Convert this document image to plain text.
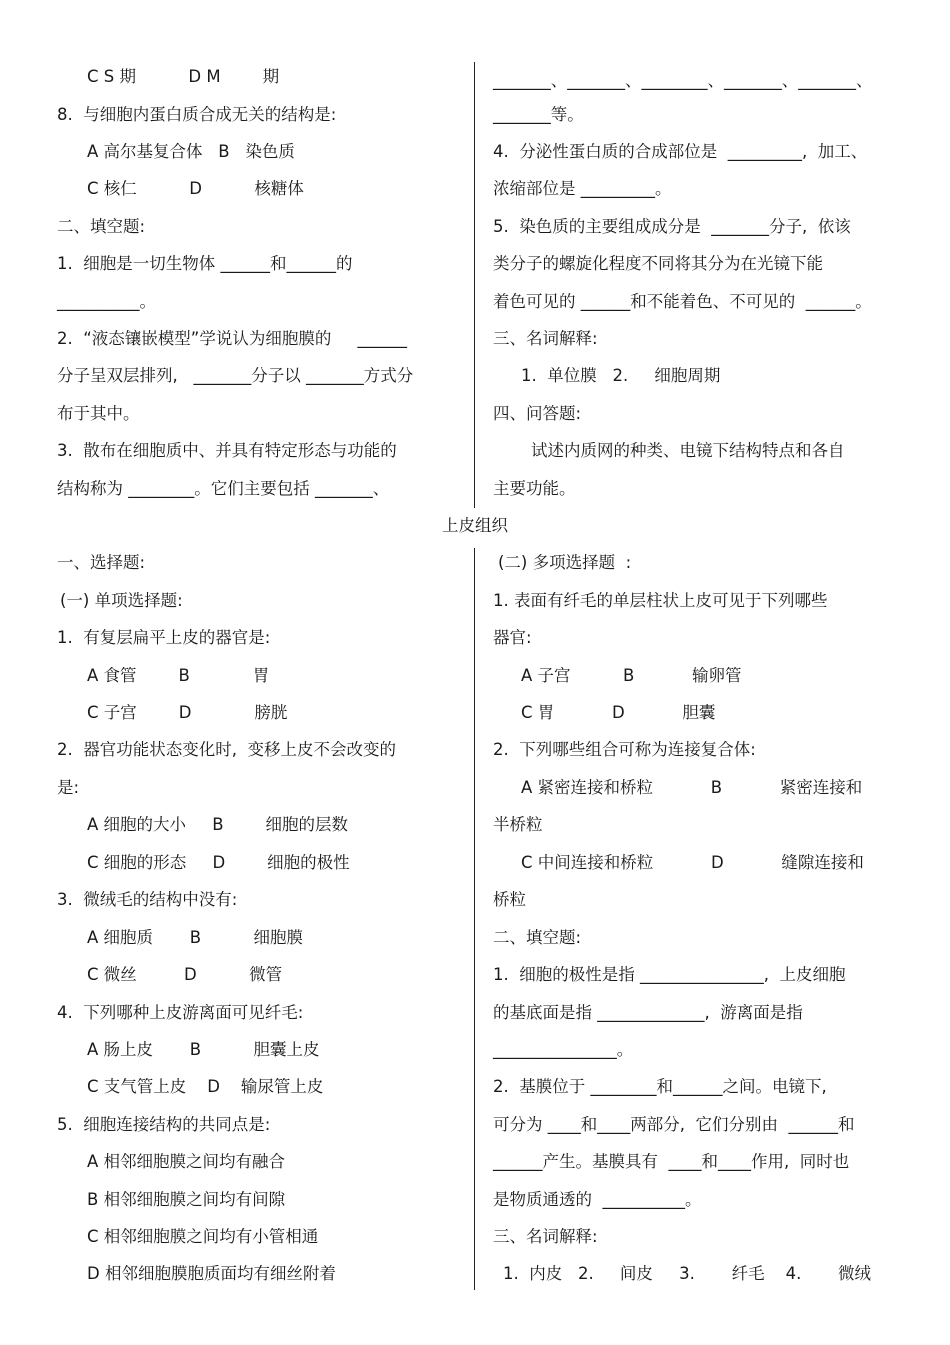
C S 期          D M        期
8.  与细胞内蛋白质合成无关的结构是:
A 高尔基复合体   B   染色质
C 核仁          D          核糖体
二、填空题:
1.  细胞是一切生物体 ______和______的
__________。
2.  “液态镶嵌模型”学说认为细胞膜的     ______
分子呈双层排列,   _______分子以 _______方式分
布于其中。
3.  散布在细胞质中、并具有特定形态与功能的
结构称为 ________。它们主要包括 _______、
_______、_______、________、_______、_______、
_______等。
4.  分泌性蛋白质的合成部位是  _________,  加工、
浓缩部位是 _________。
5.  染色质的主要组成成分是  _______分子,  依该
类分子的螺旋化程度不同将其分为在光镜下能
着色可见的 ______和不能着色、不可见的  ______。
三、名词解释:
1.  单位膜   2.     细胞周期
四、问答题:
试述内质网的种类、电镜下结构特点和各自
主要功能。
上皮组织
一、选择题:
(一) 单项选择题:
1.  有复层扁平上皮的器官是:
A 食管        B            胃
C 子宫        D            膀胱
2.  器官功能状态变化时,  变移上皮不会改变的
是:
A 细胞的大小     B        细胞的层数
C 细胞的形态     D        细胞的极性
3.  微绒毛的结构中没有:
A 细胞质       B          细胞膜
C 微丝         D          微管
4.  下列哪种上皮游离面可见纤毛:
A 肠上皮       B          胆囊上皮
C 支气管上皮    D    输尿管上皮
5.  细胞连接结构的共同点是:
A 相邻细胞膜之间均有融合
B 相邻细胞膜之间均有间隙
C 相邻细胞膜之间均有小管相通
D 相邻细胞膜胞质面均有细丝附着
(二) 多项选择题  :
1. 表面有纤毛的单层柱状上皮可见于下列哪些
器官:
A 子宫          B           输卵管
C 胃           D           胆囊
2.  下列哪些组合可称为连接复合体:
A 紧密连接和桥粒           B           紧密连接和
半桥粒
C 中间连接和桥粒           D           缝隙连接和
桥粒
二、填空题:
1.  细胞的极性是指 _______________,  上皮细胞
的基底面是指 _____________,  游离面是指
_______________。
2.  基膜位于 ________和______之间。电镜下,
可分为 ____和____两部分,  它们分别由  ______和
______产生。基膜具有  ____和____作用,  同时也
是物质通透的  __________。
三、名词解释:
1.  内皮   2.     间皮     3.       纤毛    4.       微绒
